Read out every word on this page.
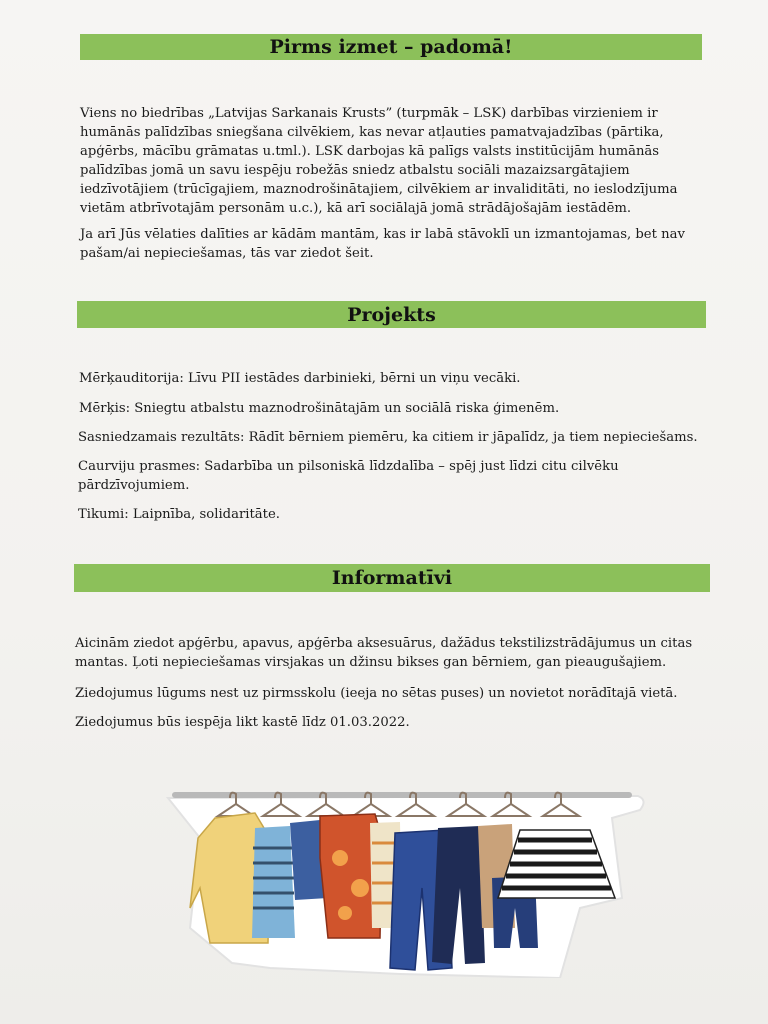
Pirms izmet – padomā!

Viens no biedrības „Latvijas Sarkanais Krusts” (turpmāk – LSK) darbības virzieniem ir humānās palīdzības sniegšana cilvēkiem, kas nevar atļauties pamatvajadzības (pārtika, apģērbs, mācību grāmatas u.tml.). LSK darbojas kā palīgs valsts institūcijām humānās palīdzības jomā un savu iespēju robežās sniedz atbalstu sociāli mazaizsargātajiem iedzīvotājiem (trūcīgajiem, maznodrošinātajiem, cilvēkiem ar invaliditāti, no ieslodzījuma vietām atbrīvotajām personām u.c.), kā arī sociālajā jomā strādājošajām iestādēm.

Ja arī Jūs vēlaties dalīties ar kādām mantām, kas ir labā stāvoklī un izmantojamas, bet nav pašam/ai nepieciešamas, tās var ziedot šeit.

Projekts

Mērķauditorija: Līvu PII iestādes darbinieki, bērni un viņu vecāki.

Mērķis: Sniegtu atbalstu maznodrošinātajām un sociālā riska ģimenēm.

Sasniedzamais rezultāts: Rādīt bērniem piemēru, ka citiem ir jāpalīdz, ja tiem nepieciešams.

Caurviju prasmes: Sadarbība un pilsoniskā līdzdalība – spēj just līdzi citu cilvēku pārdzīvojumiem.

Tikumi: Laipnība, solidaritāte.

Informatīvi

Aicinām ziedot apģērbu, apavus, apģērba aksesuārus, dažādus tekstilizstrādājumus un citas mantas. Ļoti nepieciešamas virsjakas un džinsu bikses gan bērniem, gan pieaugušajiem.

Ziedojumus lūgums nest uz pirmsskolu (ieeja no sētas puses) un novietot norādītajā vietā.

Ziedojumus būs iespēja likt kastē līdz 01.03.2022.
